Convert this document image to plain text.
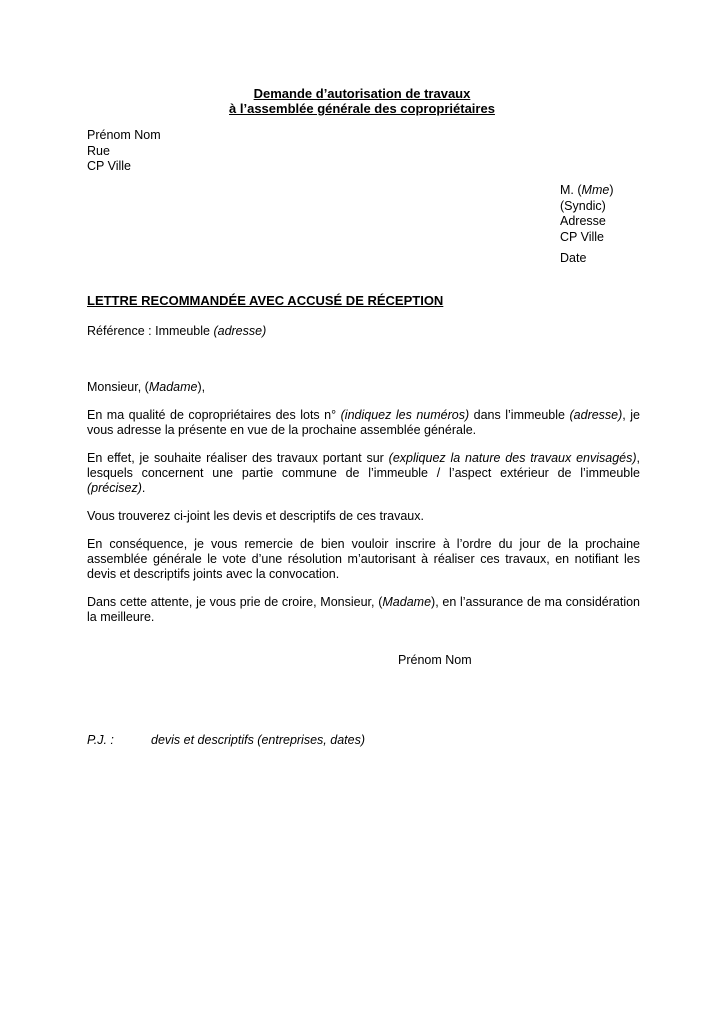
Demande d’autorisation de travaux
à l’assemblée générale des copropriétaires
Prénom Nom
Rue
CP Ville
M. (Mme)
(Syndic)
Adresse
CP Ville
Date
LETTRE RECOMMANDÉE AVEC ACCUSÉ DE RÉCEPTION
Référence : Immeuble (adresse)

Monsieur, (Madame),

En ma qualité de copropriétaires des lots n° (indiquez les numéros) dans l’immeuble (adresse), je vous adresse la présente en vue de la prochaine assemblée générale.

En effet, je souhaite réaliser des travaux portant sur (expliquez la nature des travaux envisagés), lesquels concernent une partie commune de l’immeuble / l’aspect extérieur de l’immeuble (précisez).

Vous trouverez ci-joint les devis et descriptifs de ces travaux.

En conséquence, je vous remercie de bien vouloir inscrire à l’ordre du jour de la prochaine assemblée générale le vote d’une résolution m’autorisant à réaliser ces travaux, en notifiant les devis et descriptifs joints avec la convocation.

Dans cette attente, je vous prie de croire, Monsieur, (Madame), en l’assurance de ma considération la meilleure.

Prénom Nom
P.J. :	devis et descriptifs (entreprises, dates)
